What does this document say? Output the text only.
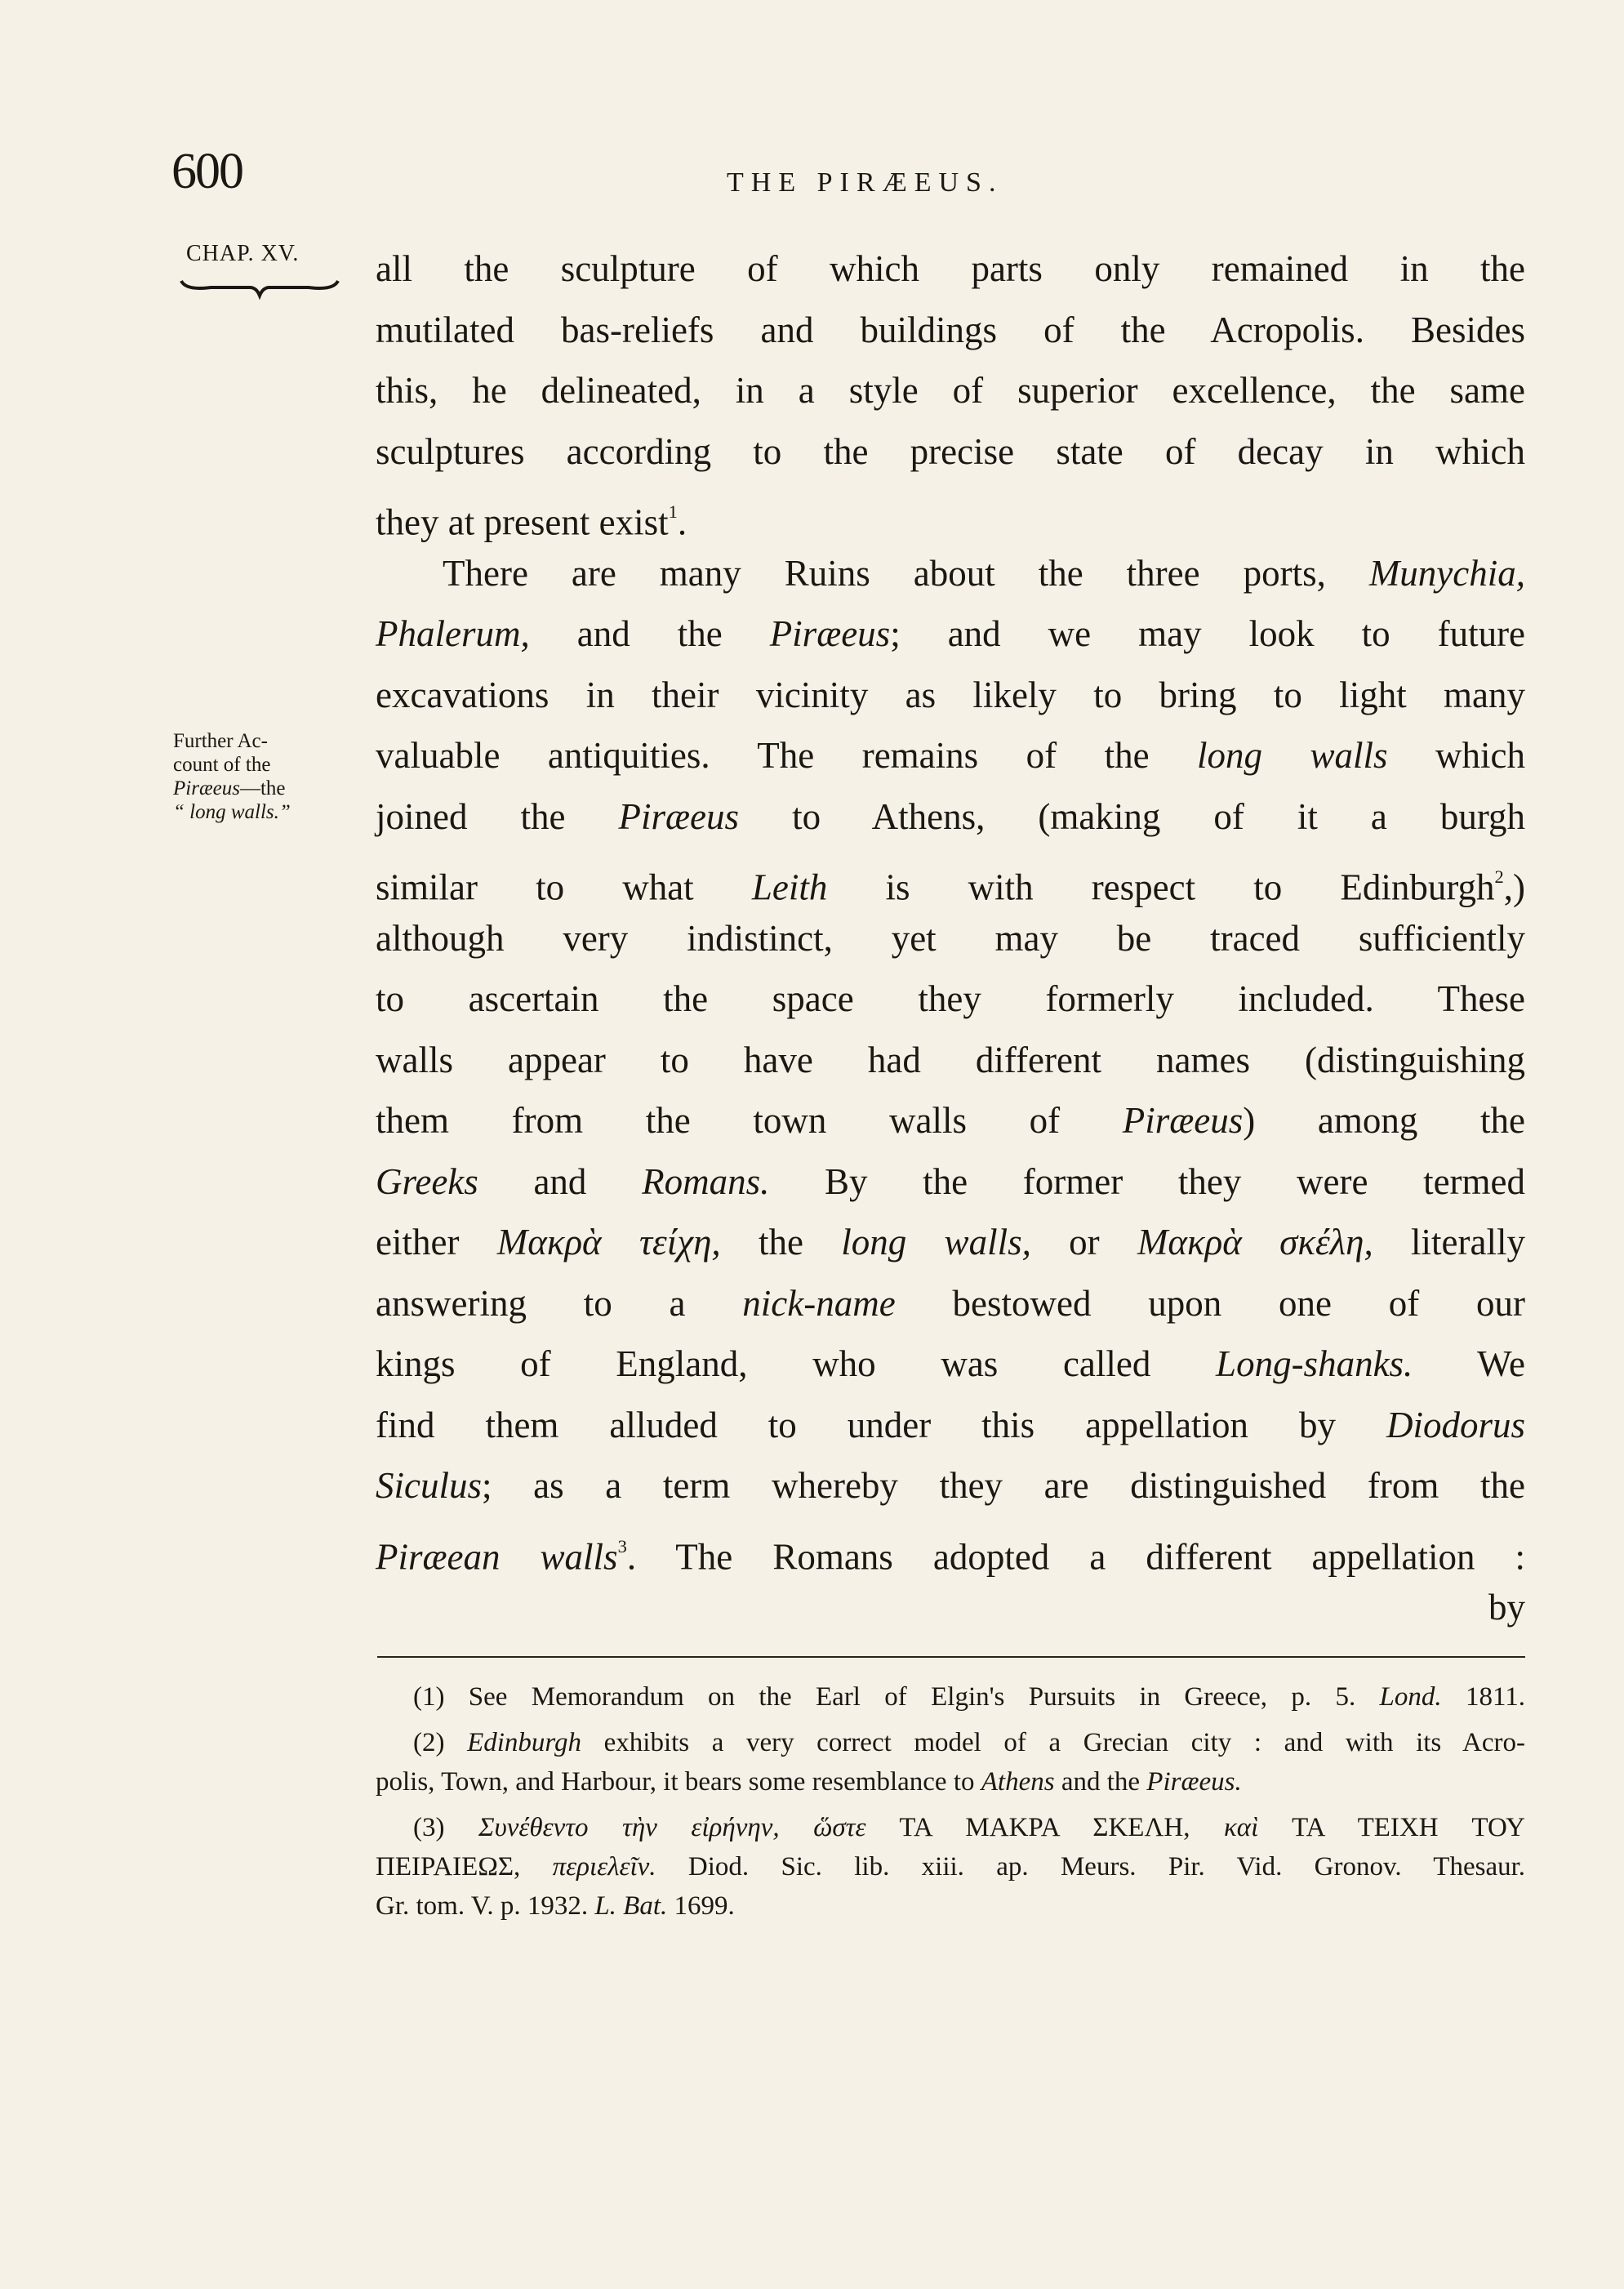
600	THE PIRÆEUS.
CHAP. XV.
Further Ac-
count of the
Piræeus—the
“ long walls.”
all the sculpture of which parts only remained in the
mutilated bas-reliefs and buildings of the Acropolis. Besides
this, he delineated, in a style of superior excellence, the same
sculptures according to the precise state of decay in which
they at present exist$^1$.
There are many Ruins about the three ports, Munychia,
Phalerum, and the Piræeus; and we may look to future
excavations in their vicinity as likely to bring to light many
valuable antiquities. The remains of the long walls which
joined the Piræeus to Athens, (making of it a burgh
similar to what Leith is with respect to Edinburgh$^2$,)
although very indistinct, yet may be traced sufficiently
to ascertain the space they formerly included. These
walls appear to have had different names (distinguishing
them from the town walls of Piræeus) among the
Greeks and Romans. By the former they were termed
either Μακρὰ τείχη, the long walls, or Μακρὰ σκέλη, literally
answering to a nick-name bestowed upon one of our
kings of England, who was called Long-shanks. We
find them alluded to under this appellation by Diodorus
Siculus; as a term whereby they are distinguished from the
Piræean walls$^3$. The Romans adopted a different appellation :
by
(1) See Memorandum on the Earl of Elgin's Pursuits in Greece, p. 5. Lond. 1811.
(2) Edinburgh exhibits a very correct model of a Grecian city : and with its Acro-
polis, Town, and Harbour, it bears some resemblance to Athens and the Piræeus.
(3) Συνέθεντο τὴν εἰρήνην, ὥστε ΤΑ ΜΑΚΡΑ ΣΚΕΛΗ, καὶ ΤΑ ΤΕΙΧΗ ΤΟΥ
ΠΕΙΡΑΙΕΩΣ, περιελεῖν. Diod. Sic. lib. xiii. ap. Meurs. Pir. Vid. Gronov. Thesaur.
Gr. tom. V. p. 1932. L. Bat. 1699.
